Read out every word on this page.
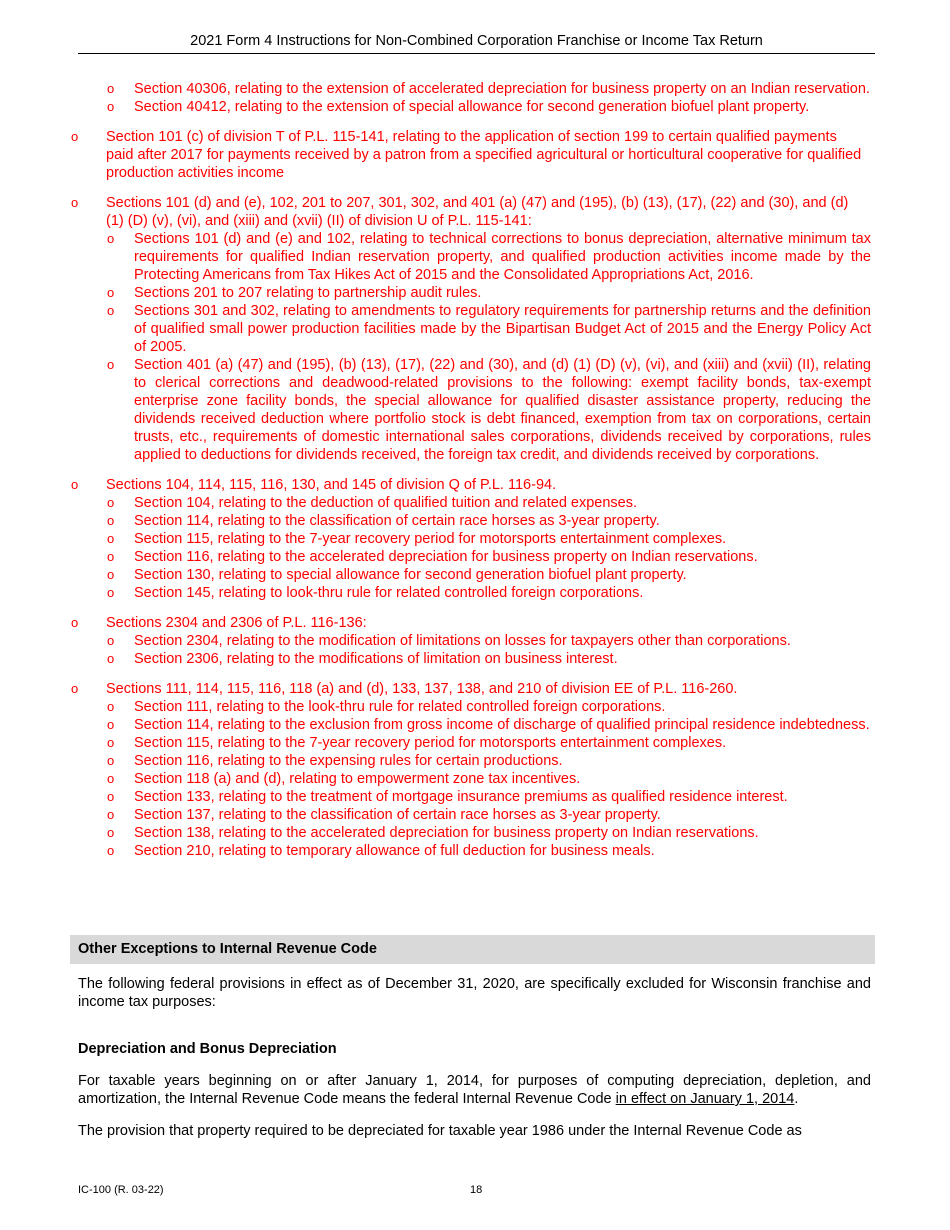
2021 Form 4 Instructions for Non-Combined Corporation Franchise or Income Tax Return
o Section 40306, relating to the extension of accelerated depreciation for business property on an Indian reservation.
o Section 40412, relating to the extension of special allowance for second generation biofuel plant property.
o Section 101 (c) of division T of P.L. 115-141, relating to the application of section 199 to certain qualified payments paid after 2017 for payments received by a patron from a specified agricultural or horticultural cooperative for qualified production activities income
o Sections 101 (d) and (e), 102, 201 to 207, 301, 302, and 401 (a) (47) and (195), (b) (13), (17), (22) and (30), and (d) (1) (D) (v), (vi), and (xiii) and (xvii) (II) of division U of P.L. 115-141:
o Sections 101 (d) and (e) and 102, relating to technical corrections to bonus depreciation, alternative minimum tax requirements for qualified Indian reservation property, and qualified production activities income made by the Protecting Americans from Tax Hikes Act of 2015 and the Consolidated Appropriations Act, 2016.
o Sections 201 to 207 relating to partnership audit rules.
o Sections 301 and 302, relating to amendments to regulatory requirements for partnership returns and the definition of qualified small power production facilities made by the Bipartisan Budget Act of 2015 and the Energy Policy Act of 2005.
o Section 401 (a) (47) and (195), (b) (13), (17), (22) and (30), and (d) (1) (D) (v), (vi), and (xiii) and (xvii) (II), relating to clerical corrections and deadwood-related provisions to the following: exempt facility bonds, tax-exempt enterprise zone facility bonds, the special allowance for qualified disaster assistance property, reducing the dividends received deduction where portfolio stock is debt financed, exemption from tax on corporations, certain trusts, etc., requirements of domestic international sales corporations, dividends received by corporations, rules applied to deductions for dividends received, the foreign tax credit, and dividends received by corporations.
o Sections 104, 114, 115, 116, 130, and 145 of division Q of P.L. 116-94.
o Section 104, relating to the deduction of qualified tuition and related expenses.
o Section 114, relating to the classification of certain race horses as 3-year property.
o Section 115, relating to the 7-year recovery period for motorsports entertainment complexes.
o Section 116, relating to the accelerated depreciation for business property on Indian reservations.
o Section 130, relating to special allowance for second generation biofuel plant property.
o Section 145, relating to look-thru rule for related controlled foreign corporations.
o Sections 2304 and 2306 of P.L. 116-136:
o Section 2304, relating to the modification of limitations on losses for taxpayers other than corporations.
o Section 2306, relating to the modifications of limitation on business interest.
o Sections 111, 114, 115, 116, 118 (a) and (d), 133, 137, 138, and 210 of division EE of P.L. 116-260.
o Section 111, relating to the look-thru rule for related controlled foreign corporations.
o Section 114, relating to the exclusion from gross income of discharge of qualified principal residence indebtedness.
o Section 115, relating to the 7-year recovery period for motorsports entertainment complexes.
o Section 116, relating to the expensing rules for certain productions.
o Section 118 (a) and (d), relating to empowerment zone tax incentives.
o Section 133, relating to the treatment of mortgage insurance premiums as qualified residence interest.
o Section 137, relating to the classification of certain race horses as 3-year property.
o Section 138, relating to the accelerated depreciation for business property on Indian reservations.
o Section 210, relating to temporary allowance of full deduction for business meals.
Other Exceptions to Internal Revenue Code
The following federal provisions in effect as of December 31, 2020, are specifically excluded for Wisconsin franchise and income tax purposes:
Depreciation and Bonus Depreciation
For taxable years beginning on or after January 1, 2014, for purposes of computing depreciation, depletion, and amortization, the Internal Revenue Code means the federal Internal Revenue Code in effect on January 1, 2014.
The provision that property required to be depreciated for taxable year 1986 under the Internal Revenue Code as
IC-100 (R. 03-22)	18
